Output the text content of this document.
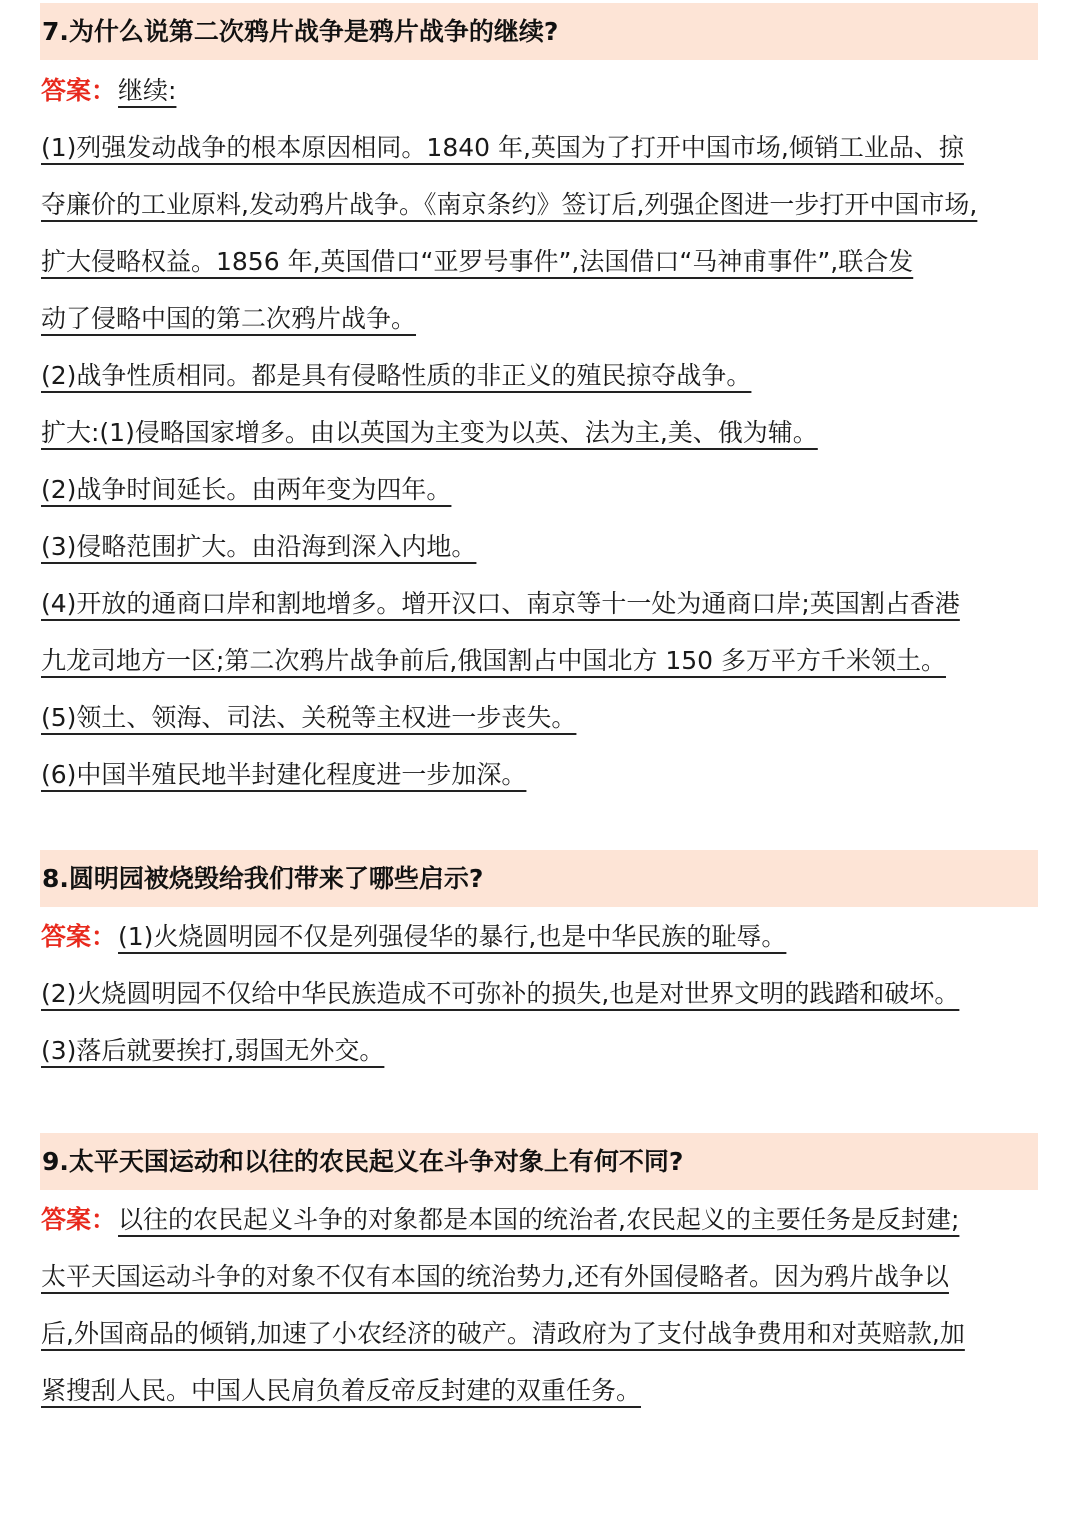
7.为什么说第二次鸦片战争是鸦片战争的继续?
答案：继续:
(1)列强发动战争的根本原因相同。1840 年,英国为了打开中国市场,倾销工业品、掠
夺廉价的工业原料,发动鸦片战争。《南京条约》签订后,列强企图进一步打开中国市场,
扩大侵略权益。1856 年,英国借口“亚罗号事件”,法国借口“马神甫事件”,联合发
动了侵略中国的第二次鸦片战争。
(2)战争性质相同。都是具有侵略性质的非正义的殖民掠夺战争。
扩大:(1)侵略国家增多。由以英国为主变为以英、法为主,美、俄为辅。
(2)战争时间延长。由两年变为四年。
(3)侵略范围扩大。由沿海到深入内地。
(4)开放的通商口岸和割地增多。增开汉口、南京等十一处为通商口岸;英国割占香港
九龙司地方一区;第二次鸦片战争前后,俄国割占中国北方 150 多万平方千米领土。
(5)领土、领海、司法、关税等主权进一步丧失。
(6)中国半殖民地半封建化程度进一步加深。
8.圆明园被烧毁给我们带来了哪些启示?
答案：(1)火烧圆明园不仅是列强侵华的暴行,也是中华民族的耻辱。
(2)火烧圆明园不仅给中华民族造成不可弥补的损失,也是对世界文明的践踏和破坏。
(3)落后就要挨打,弱国无外交。
9.太平天国运动和以往的农民起义在斗争对象上有何不同?
答案：以往的农民起义斗争的对象都是本国的统治者,农民起义的主要任务是反封建;
太平天国运动斗争的对象不仅有本国的统治势力,还有外国侵略者。因为鸦片战争以
后,外国商品的倾销,加速了小农经济的破产。清政府为了支付战争费用和对英赔款,加
紧搜刮人民。中国人民肩负着反帝反封建的双重任务。
